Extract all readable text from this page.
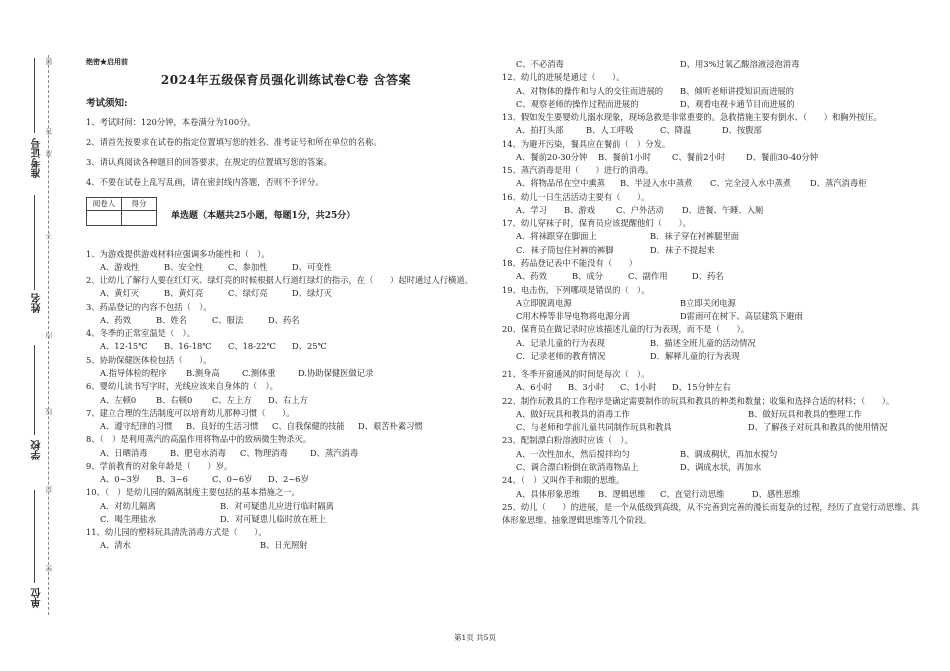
题
答
不
内
线
封
密
准
准考证号
姓名
学校
单位
绝密★启用前
2024年五级保育员强化训练试卷C卷 含答案
考试须知:
1、考试时间：120分钟，本卷满分为100分。
2、请首先按要求在试卷的指定位置填写您的姓名、准考证号和所在单位的名称。
3、请认真阅读各种题目的回答要求，在规定的位置填写您的答案。
4、不要在试卷上乱写乱画，请在密封线内答题，否则不予评分。
阅卷人	得分

单选题（本题共25小题，每题1分，共25分）
1、为游戏提供游戏材料应强调多功能性和（　）。
A、游戏性	B、安全性	C、参加性	D、可变性
2、让幼儿了解行人要在红灯灭、绿灯亮的时候根据人行道红绿灯的指示，在（　　）起时通过人行横道。
A、黄灯灭	B、黄灯亮	C、绿灯亮	D、绿灯灭
3、药品登记的内容不包括（　）。
A、药效	B、姓名	C、服法	D、药名
4、冬季的正常室温是（　）。
A、12-15℃ B、16-18℃ C、18-22℃ D、25℃
5、协助保健医体检包括（　　）。
A.指导体检的程序 B.测身高	C.测体重	D.协助保健医做记录
6、婴幼儿读书写字时，光线应该来自身体的（　）。
A、左顿0 B、右顿0 C、左上方 D、右上方
7、建立合理的生活制度可以培育幼儿那种习惯（　　）。
A、遵守纪律的习惯 B、良好的生活习惯 C、自我保健的技能 D、艰苦朴素习惯
8、（　）是利用蒸汽的高温作用将物品中的致病微生物杀灭。
A、日晒消毒	B、肥皂水消毒 C、物理消毒	D、蒸汽消毒
9、学前教育的对象年龄是（　　）岁。
A、0~3岁 B、3~6	C、0~6岁 D、2~6岁
10、（　）是幼儿园的隔离制度主要包括的基本措施之一。
A．对幼儿隔离	B．对可疑患儿应进行临时隔离
C．喝生理盐水	D．对可疑患儿临时放在班上
11、幼儿园的塑料玩具清洗消毒方式是（　　）。
A、清水	B、日光照射
C、不必消毒	D、用3%过氧乙酸溶液浸泡消毒
12、幼儿的进展是通过（　　）。
A、对物体的操作和与人的交往而进展的 B、倾听老师讲授知识而进展的
C、观察老师的操作过程而进展的	D、观看电视卡通节目而进展的
13、假如发生要婴幼儿溺水现象，现场急救是非常重要的。急救措施主要有倒水、（　　）和胸外按压。
A、拍打头部	B、人工呼吸	C、降温	D、按腹部
14、为避开污染，餐具应在餐前（　）分发。
A、餐前20-30分钟 B、餐前1小时	C、餐前2小时	D、餐前30-40分钟
15、蒸汽消毒是用（　　）进行的消毒。
A、将物品吊在空中熏蒸 B、半浸入水中蒸煮 C、完全浸入水中蒸煮 D、蒸汽消毒柜
16、幼儿一日生活活动主要有（　　）。
A、学习 B、游戏	C、户外活动 D、进餐、午睡、入厕
17、幼儿穿袜子时，保育员应该提醒他们（　　）。
A．将袜跟穿在脚面上	B．袜子穿在衬裤腿里面
C．袜子筒包住衬裤的裤脚	D．袜子不提起来
18、药品登记表中不能没有（　　）
A、药效	B、成分	C、副作用	D、药名
19、电击伤，下列哪项是错误的（　）。
A立即脱离电源	B立即关闭电源
C用木棒等非导电物将电源分离	D雷雨可在树下、高层建筑下避雨
20、保育员在做记录时应该描述儿童的行为表现，而不是（　　）。
A．记录儿童的行为表现	B．描述全班儿童的活动情况
C．记录老师的教育情况	D．解释儿童的行为表现
21、冬季开窗通风的时间是每次（　）。
A、6小时 B、3小时 C、1小时 D、15分钟左右
22、制作玩教具的工作程序是确定需要制作的玩具和教具的种类和数量；收集和选择合适的材料；（　　）。
A、做好玩具和教具的消毒工作	B、做好玩具和教具的整理工作
C、与老师和学前儿童共同制作玩具和教具	D、了解孩子对玩具和教具的使用情况
23、配制漂白粉溶液时应该（　）。
A、一次性加水，然后搅拌均匀	B、调成稠状，再加水搅匀
C、调合漂白粉倒在欲消毒物品上	D、调成水状，再加水
24、（　）又叫作手和眼的思维。
A、具体形象思维 B、逻辑思维 C、直觉行动思维	D、感性思维
25、幼儿（　　）的进展，是一个从低级到高级，从不完善到完善的漫长而复杂的过程，经历了直觉行动思维、具体形象思维、抽象逻辑思维等几个阶段。
第1页 共5页
